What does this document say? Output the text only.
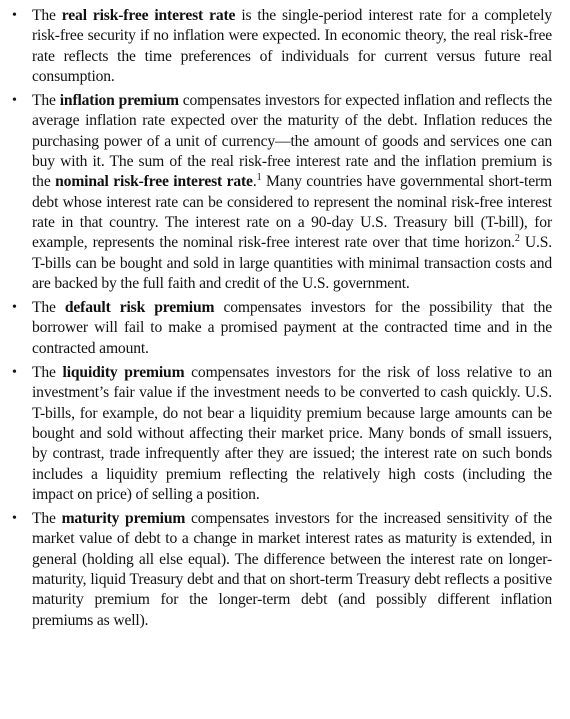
• The real risk-free interest rate is the single-period interest rate for a completely risk-free security if no inflation were expected. In economic theory, the real risk-free rate reflects the time preferences of individuals for current versus future real consumption.
• The inflation premium compensates investors for expected inflation and reflects the average inflation rate expected over the maturity of the debt. Inflation reduces the purchasing power of a unit of currency—the amount of goods and services one can buy with it. The sum of the real risk-free interest rate and the inflation premium is the nominal risk-free interest rate.$^1$ Many countries have governmental short-term debt whose interest rate can be considered to represent the nominal risk-free interest rate in that country. The interest rate on a 90-day U.S. Treasury bill (T-bill), for example, represents the nominal risk-free interest rate over that time horizon.$^2$ U.S. T-bills can be bought and sold in large quantities with minimal transaction costs and are backed by the full faith and credit of the U.S. government.
• The default risk premium compensates investors for the possibility that the borrower will fail to make a promised payment at the contracted time and in the contracted amount.
• The liquidity premium compensates investors for the risk of loss relative to an investment’s fair value if the investment needs to be converted to cash quickly. U.S. T-bills, for example, do not bear a liquidity premium because large amounts can be bought and sold without affecting their market price. Many bonds of small issuers, by contrast, trade infrequently after they are issued; the interest rate on such bonds includes a liquidity premium reflecting the relatively high costs (including the impact on price) of selling a position.
• The maturity premium compensates investors for the increased sensitivity of the market value of debt to a change in market interest rates as maturity is extended, in general (holding all else equal). The difference between the interest rate on longer-maturity, liquid Treasury debt and that on short-term Treasury debt reflects a positive maturity premium for the longer-term debt (and possibly different inflation premiums as well).
